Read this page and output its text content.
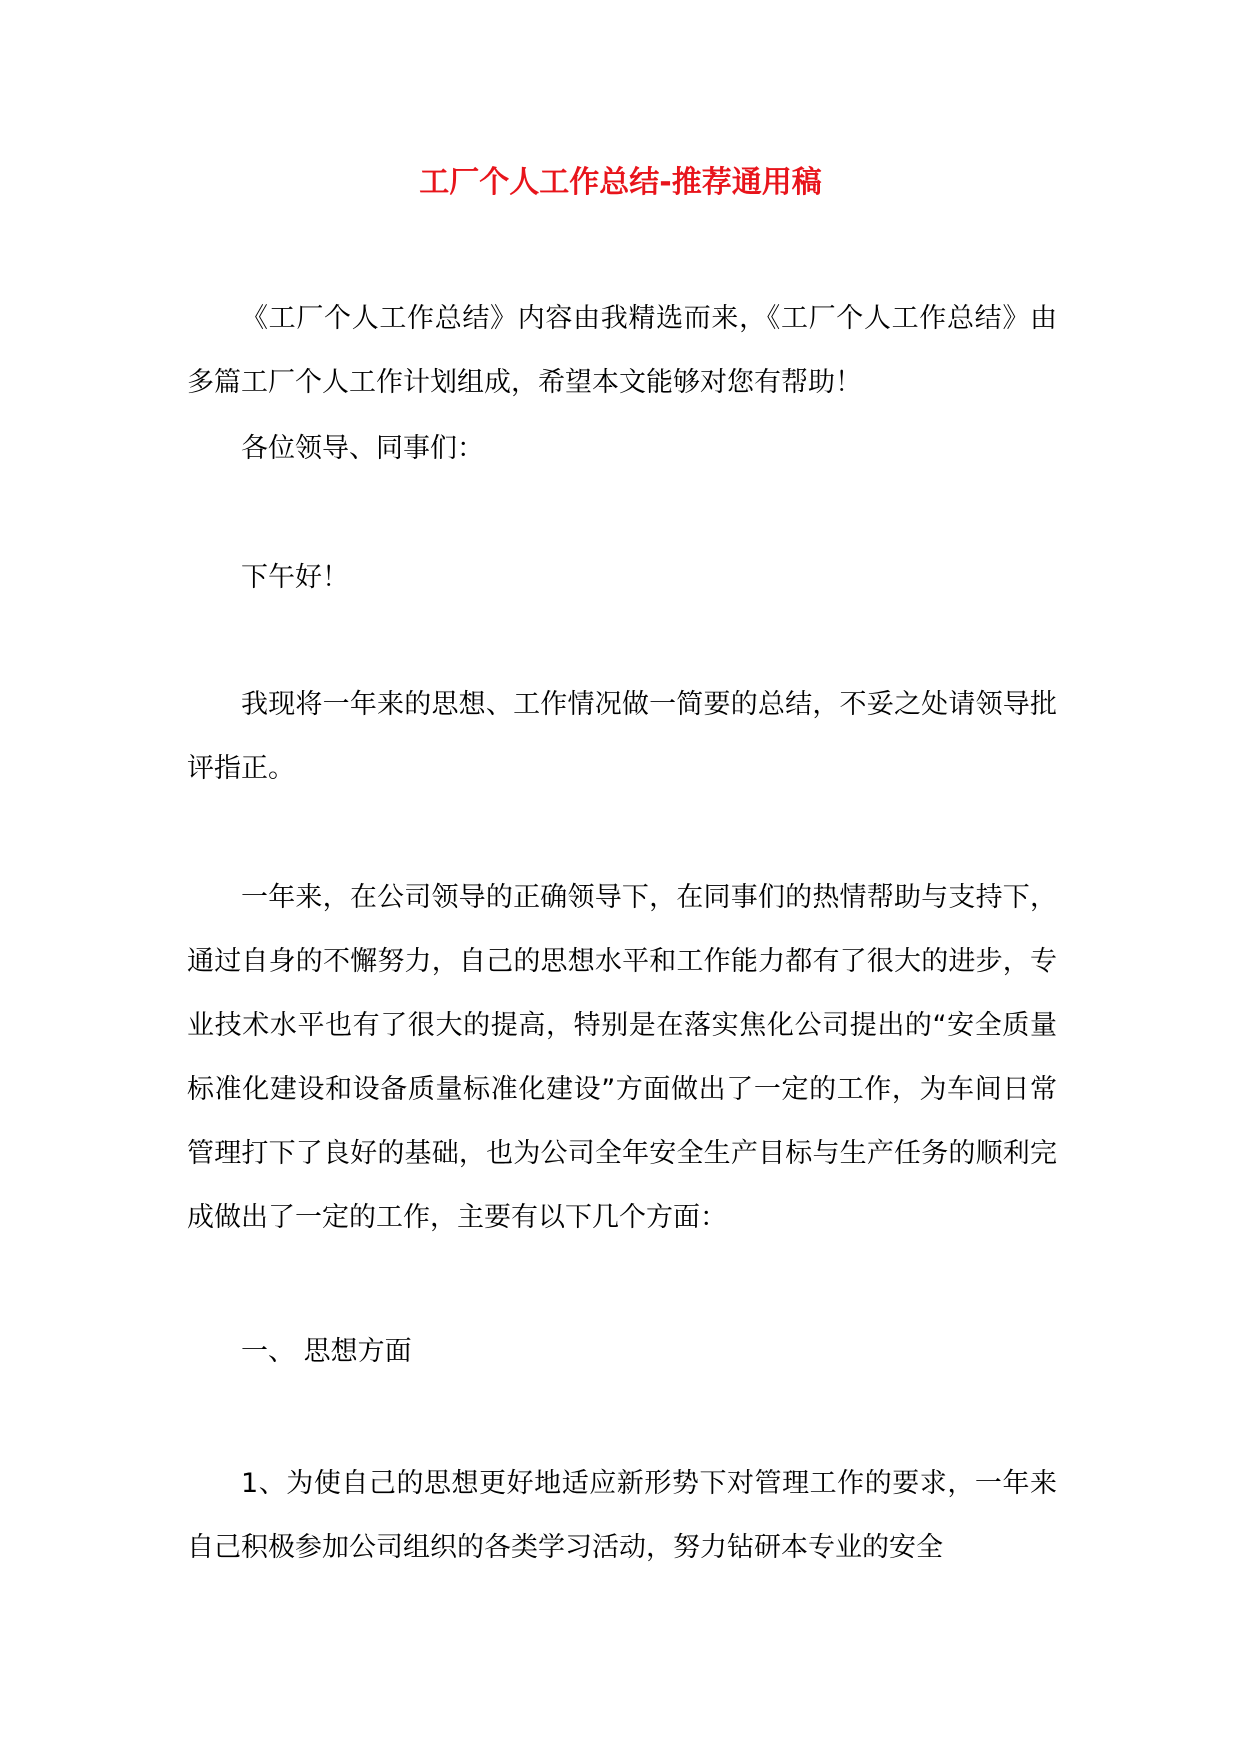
工厂个人工作总结-推荐通用稿

《工厂个人工作总结》内容由我精选而来，《工厂个人工作总结》由多篇工厂个人工作计划组成，希望本文能够对您有帮助！

各位领导、同事们：

下午好！

我现将一年来的思想、工作情况做一简要的总结，不妥之处请领导批评指正。

一年来，在公司领导的正确领导下，在同事们的热情帮助与支持下，通过自身的不懈努力，自己的思想水平和工作能力都有了很大的进步，专业技术水平也有了很大的提高，特别是在落实焦化公司提出的“安全质量标准化建设和设备质量标准化建设”方面做出了一定的工作，为车间日常管理打下了良好的基础，也为公司全年安全生产目标与生产任务的顺利完成做出了一定的工作，主要有以下几个方面：

一、 思想方面

1、为使自己的思想更好地适应新形势下对管理工作的要求，一年来自己积极参加公司组织的各类学习活动，努力钻研本专业的安全
